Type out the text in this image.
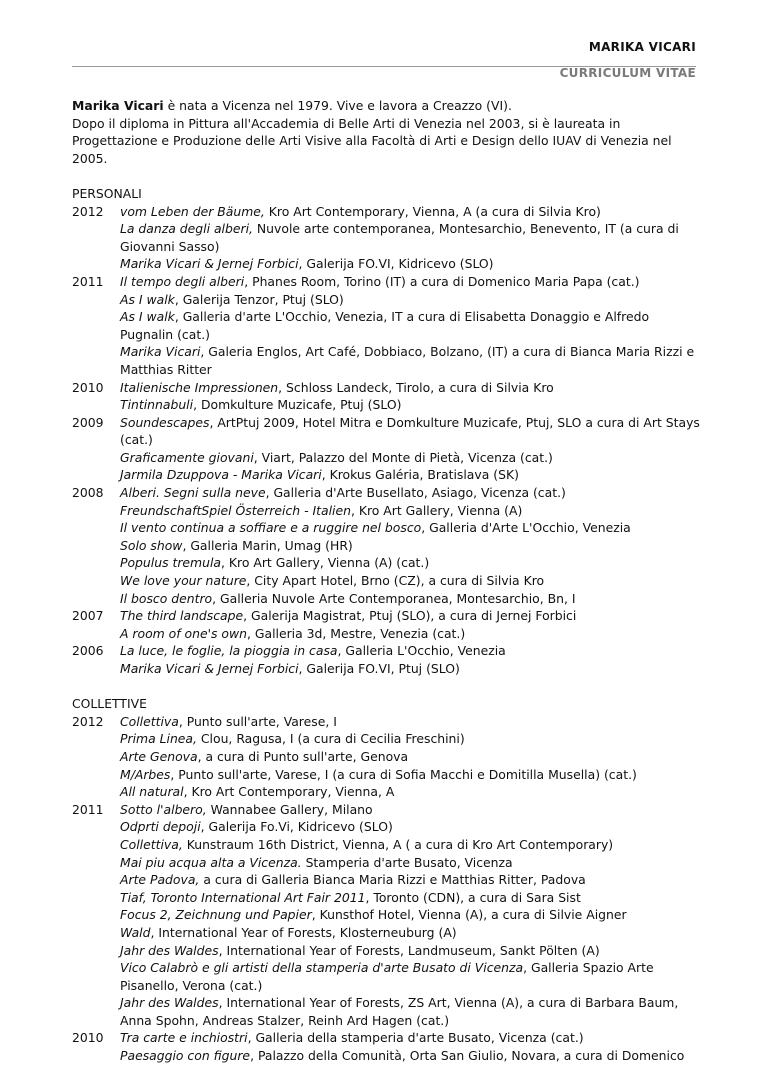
MARIKA VICARI
CURRICULUM VITAE

Marika Vicari è nata a Vicenza nel 1979. Vive e lavora a Creazzo (VI).

Dopo il diploma in Pittura all'Accademia di Belle Arti di Venezia nel 2003, si è laureata in Progettazione e Produzione delle Arti Visive alla Facoltà di Arti e Design dello IUAV di Venezia nel 2005.

PERSONALI
2012	vom Leben der Bäume, Kro Art Contemporary, Vienna, A (a cura di Silvia Kro)
La danza degli alberi, Nuvole arte contemporanea, Montesarchio, Benevento, IT (a cura di Giovanni Sasso)
Marika Vicari & Jernej Forbici, Galerija FO.VI, Kidricevo (SLO)
2011	Il tempo degli alberi, Phanes Room, Torino (IT) a cura di Domenico Maria Papa (cat.)
As I walk, Galerija Tenzor, Ptuj (SLO)
As I walk, Galleria d'arte L'Occhio, Venezia, IT a cura di Elisabetta Donaggio e Alfredo Pugnalin (cat.)
Marika Vicari, Galeria Englos, Art Café, Dobbiaco, Bolzano, (IT) a cura di Bianca Maria Rizzi e Matthias Ritter
2010	Italienische Impressionen, Schloss Landeck, Tirolo, a cura di Silvia Kro
Tintinnabuli, Domkulture Muzicafe, Ptuj (SLO)
2009	Soundescapes, ArtPtuj 2009, Hotel Mitra e Domkulture Muzicafe, Ptuj, SLO a cura di Art Stays (cat.)
Graficamente giovani, Viart, Palazzo del Monte di Pietà, Vicenza (cat.)
Jarmila Dzuppova - Marika Vicari, Krokus Galéria, Bratislava (SK)
2008	Alberi. Segni sulla neve, Galleria d'Arte Busellato, Asiago, Vicenza (cat.)
FreundschaftSpiel Österreich - Italien, Kro Art Gallery, Vienna (A)
Il vento continua a soffiare e a ruggire nel bosco, Galleria d'Arte L'Occhio, Venezia
Solo show, Galleria Marin, Umag (HR)
Populus tremula, Kro Art Gallery, Vienna (A) (cat.)
We love your nature, City Apart Hotel, Brno (CZ), a cura di Silvia Kro
Il bosco dentro, Galleria Nuvole Arte Contemporanea, Montesarchio, Bn, I
2007	The third landscape, Galerija Magistrat, Ptuj (SLO), a cura di Jernej Forbici
A room of one's own, Galleria 3d, Mestre, Venezia (cat.)
2006	La luce, le foglie, la pioggia in casa, Galleria L'Occhio, Venezia
Marika Vicari & Jernej Forbici, Galerija FO.VI, Ptuj (SLO)
COLLETTIVE
2012	Collettiva, Punto sull'arte, Varese, I
Prima Linea, Clou, Ragusa, I (a cura di Cecilia Freschini)
Arte Genova, a cura di Punto sull'arte, Genova
M/Arbes, Punto sull'arte, Varese, I (a cura di Sofia Macchi e Domitilla Musella) (cat.)
All natural, Kro Art Contemporary, Vienna, A
2011	Sotto l'albero, Wannabee Gallery, Milano
Odprti depoji, Galerija Fo.Vi, Kidricevo (SLO)
Collettiva, Kunstraum 16th District, Vienna, A ( a cura di Kro Art Contemporary)
Mai piu acqua alta a Vicenza. Stamperia d'arte Busato, Vicenza
Arte Padova, a cura di Galleria Bianca Maria Rizzi e Matthias Ritter, Padova
Tiaf, Toronto International Art Fair 2011, Toronto (CDN), a cura di Sara Sist
Focus 2, Zeichnung und Papier, Kunsthof Hotel, Vienna (A), a cura di Silvie Aigner
Wald, International Year of Forests, Klosterneuburg (A)
Jahr des Waldes, International Year of Forests, Landmuseum, Sankt Pölten (A)
Vico Calabrò e gli artisti della stamperia d'arte Busato di Vicenza, Galleria Spazio Arte Pisanello, Verona (cat.)
Jahr des Waldes, International Year of Forests, ZS Art, Vienna (A), a cura di Barbara Baum, Anna Spohn, Andreas Stalzer, Reinh Ard Hagen (cat.)
2010	Tra carte e inchiostri, Galleria della stamperia d'arte Busato, Vicenza (cat.)
Paesaggio con figure, Palazzo della Comunità, Orta San Giulio, Novara, a cura di Domenico
